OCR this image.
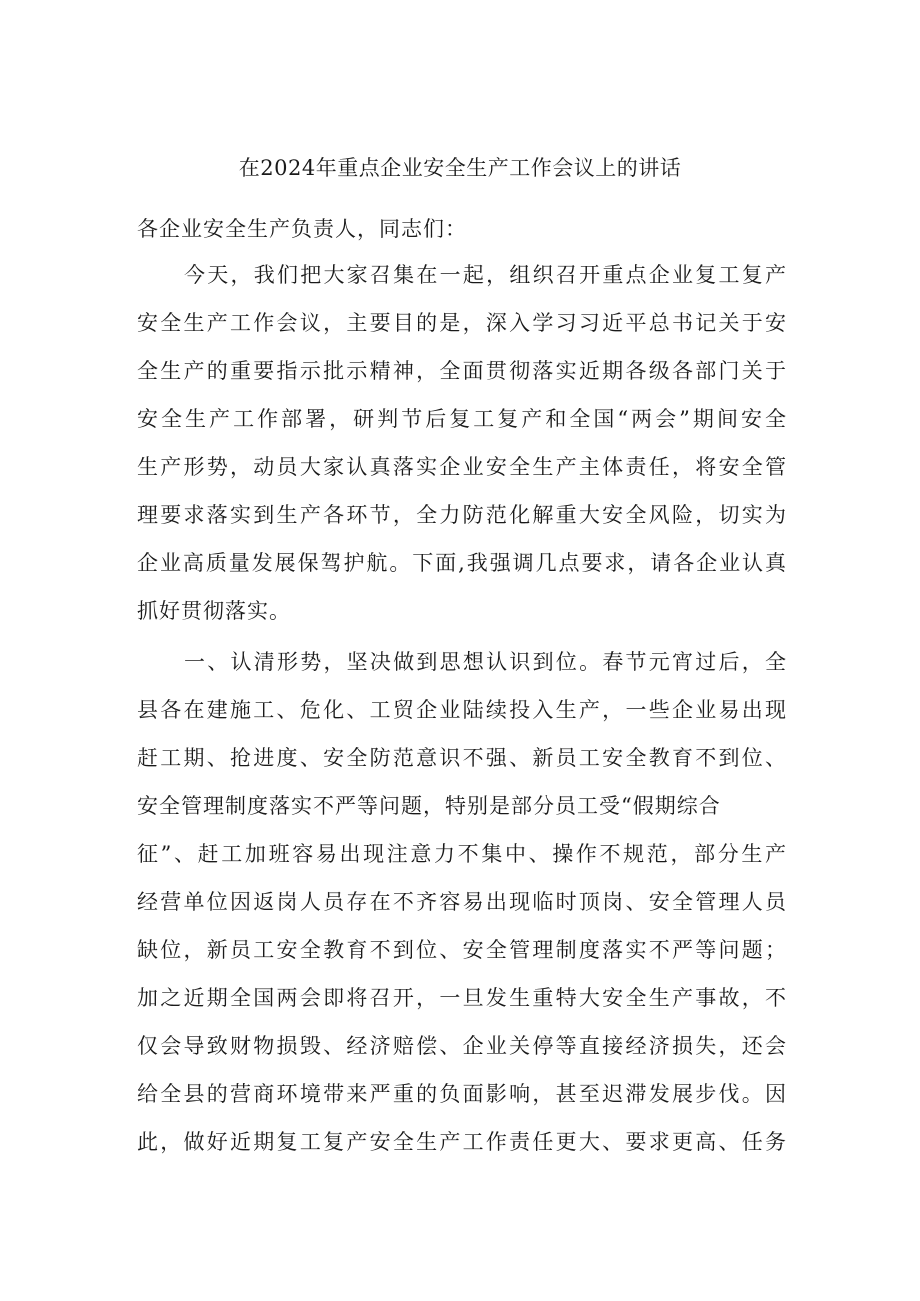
在2024年重点企业安全生产工作会议上的讲话
各企业安全生产负责人，同志们：
今天，我们把大家召集在一起，组织召开重点企业复工复产
安全生产工作会议，主要目的是，深入学习习近平总书记关于安
全生产的重要指示批示精神，全面贯彻落实近期各级各部门关于
安全生产工作部署，研判节后复工复产和全国“两会”期间安全
生产形势，动员大家认真落实企业安全生产主体责任，将安全管
理要求落实到生产各环节，全力防范化解重大安全风险，切实为
企业高质量发展保驾护航。下面,我强调几点要求，请各企业认真
抓好贯彻落实。
一、认清形势，坚决做到思想认识到位。春节元宵过后，全
县各在建施工、危化、工贸企业陆续投入生产，一些企业易出现
赶工期、抢进度、安全防范意识不强、新员工安全教育不到位、
安全管理制度落实不严等问题，特别是部分员工受“假期综合
征”、赶工加班容易出现注意力不集中、操作不规范，部分生产
经营单位因返岗人员存在不齐容易出现临时顶岗、安全管理人员
缺位，新员工安全教育不到位、安全管理制度落实不严等问题；
加之近期全国两会即将召开，一旦发生重特大安全生产事故，不
仅会导致财物损毁、经济赔偿、企业关停等直接经济损失，还会
给全县的营商环境带来严重的负面影响，甚至迟滞发展步伐。因
此，做好近期复工复产安全生产工作责任更大、要求更高、任务
